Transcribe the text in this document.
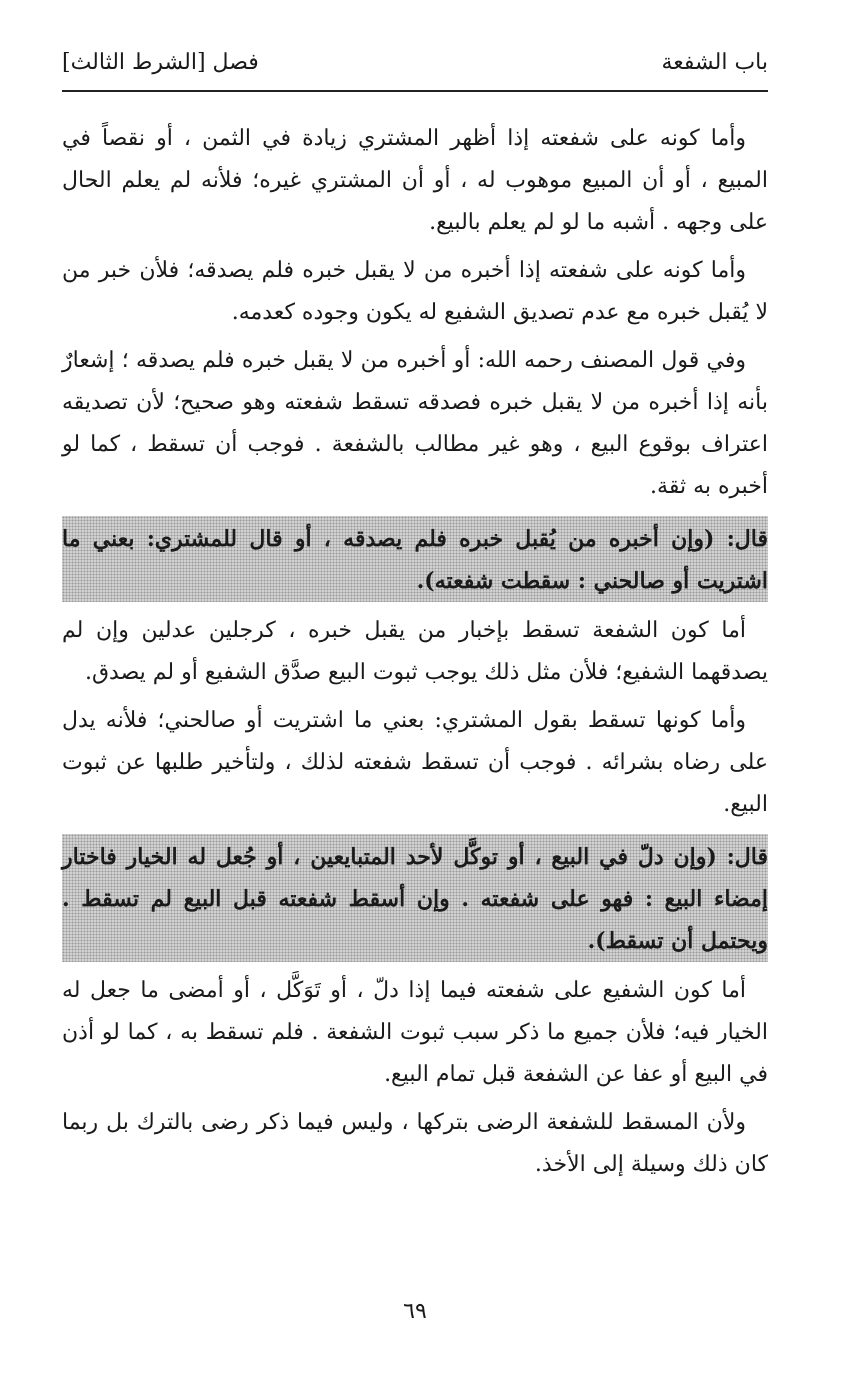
باب الشفعة
فصل [الشرط الثالث]

وأما كونه على شفعته إذا أظهر المشتري زيادة في الثمن ، أو نقصاً في المبيع ، أو أن المبيع موهوب له ، أو أن المشتري غيره؛ فلأنه لم يعلم الحال على وجهه . أشبه ما لو لم يعلم بالبيع.

وأما كونه على شفعته إذا أخبره من لا يقبل خبره فلم يصدقه؛ فلأن خبر من لا يُقبل خبره مع عدم تصديق الشفيع له يكون وجوده كعدمه.

وفي قول المصنف رحمه الله: أو أخبره من لا يقبل خبره فلم يصدقه ؛ إشعارٌ بأنه إذا أخبره من لا يقبل خبره فصدقه تسقط شفعته وهو صحيح؛ لأن تصديقه اعتراف بوقوع البيع ، وهو غير مطالب بالشفعة . فوجب أن تسقط ، كما لو أخبره به ثقة.

قال: (وإن أخبره من يُقبل خبره فلم يصدقه ، أو قال للمشتري: بعني ما اشتريت أو صالحني : سقطت شفعته).

أما كون الشفعة تسقط بإخبار من يقبل خبره ، كرجلين عدلين وإن لم يصدقهما الشفيع؛ فلأن مثل ذلك يوجب ثبوت البيع صدَّق الشفيع أو لم يصدق.

وأما كونها تسقط بقول المشتري: بعني ما اشتريت أو صالحني؛ فلأنه يدل على رضاه بشرائه . فوجب أن تسقط شفعته لذلك ، ولتأخير طلبها عن ثبوت البيع.

قال: (وإن دلّ في البيع ، أو توكَّل لأحد المتبايعين ، أو جُعل له الخيار فاختار إمضاء البيع : فهو على شفعته . وإن أسقط شفعته قبل البيع لم تسقط . ويحتمل أن تسقط).

أما كون الشفيع على شفعته فيما إذا دلّ ، أو تَوَكَّل ، أو أمضى ما جعل له الخيار فيه؛ فلأن جميع ما ذكر سبب ثبوت الشفعة . فلم تسقط به ، كما لو أذن في البيع أو عفا عن الشفعة قبل تمام البيع.

ولأن المسقط للشفعة الرضى بتركها ، وليس فيما ذكر رضى بالترك بل ربما كان ذلك وسيلة إلى الأخذ.

٦٩
